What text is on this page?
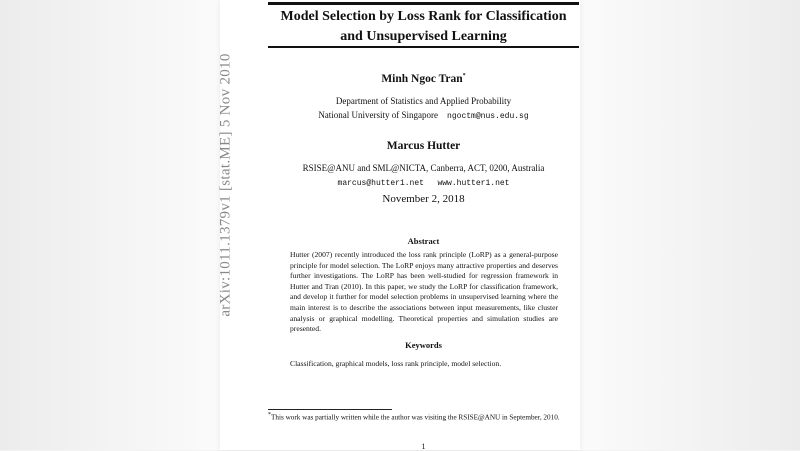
arXiv:1011.1379v1 [stat.ME] 5 Nov 2010
Model Selection by Loss Rank for Classification
and Unsupervised Learning
Minh Ngoc Tran*
Department of Statistics and Applied Probability
National University of Singapore ngoctm@nus.edu.sg
Marcus Hutter
RSISE@ANU and SML@NICTA, Canberra, ACT, 0200, Australia
marcus@hutter1.net www.hutter1.net
November 2, 2018
Abstract
Hutter (2007) recently introduced the loss rank principle (LoRP) as a general-purpose principle for model selection. The LoRP enjoys many attractive properties and deserves further investigations. The LoRP has been well-studied for regression framework in Hutter and Tran (2010). In this paper, we study the LoRP for classification framework, and develop it further for model selection problems in unsupervised learning where the main interest is to describe the associations between input measurements, like cluster analysis or graphical modelling. Theoretical properties and simulation studies are presented.
Keywords
Classification, graphical models, loss rank principle, model selection.
*This work was partially written while the author was visiting the RSISE@ANU in September, 2010.
1
